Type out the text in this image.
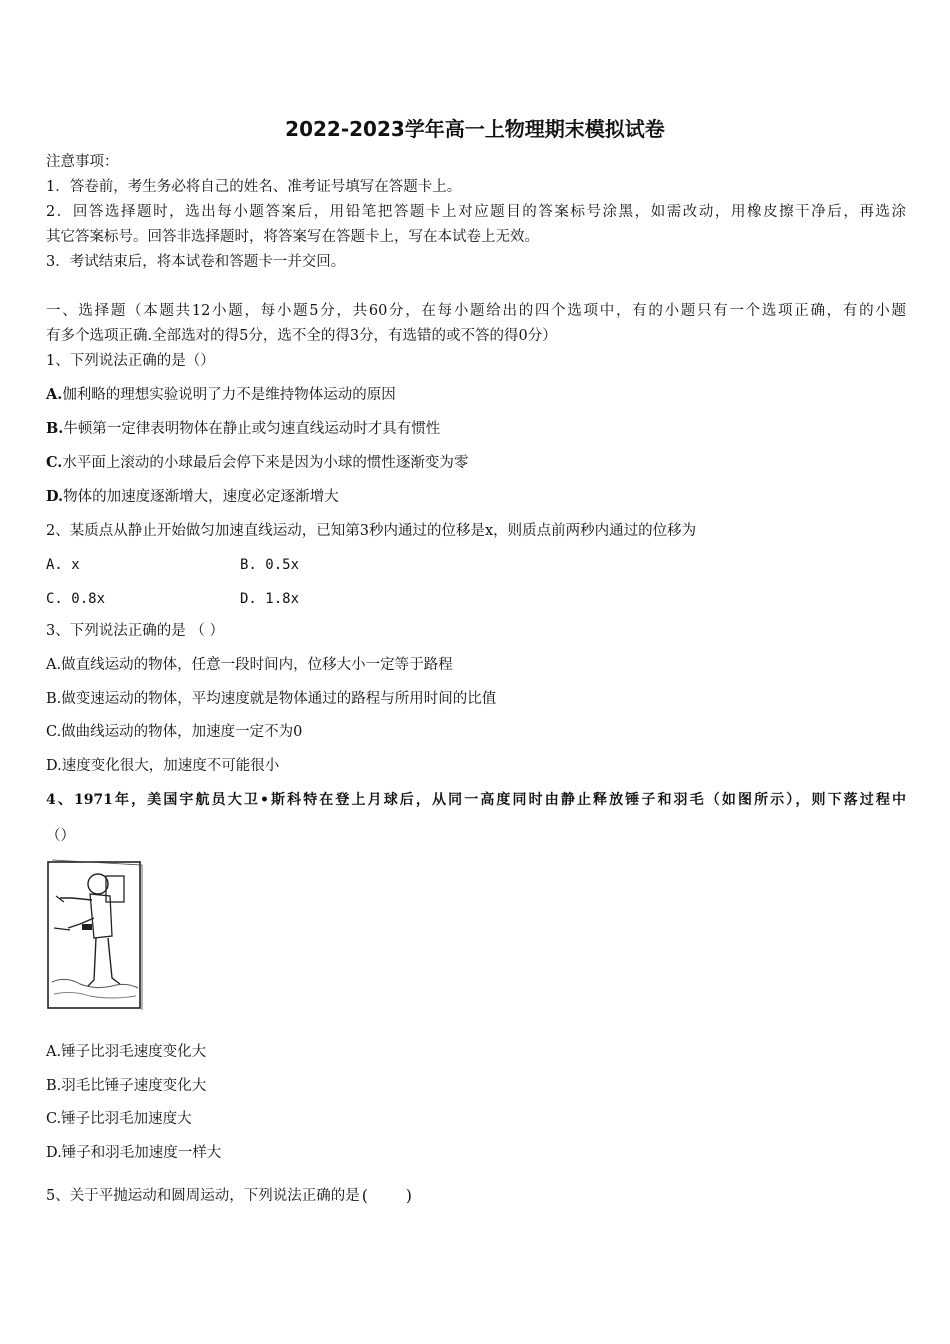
2022-2023学年高一上物理期末模拟试卷
注意事项：
1．答卷前，考生务必将自己的姓名、准考证号填写在答题卡上。
2．回答选择题时，选出每小题答案后，用铅笔把答题卡上对应题目的答案标号涂黑，如需改动，用橡皮擦干净后，再选涂
其它答案标号。回答非选择题时，将答案写在答题卡上，写在本试卷上无效。
3．考试结束后，将本试卷和答题卡一并交回。
一、选择题（本题共12小题，每小题5分，共60分，在每小题给出的四个选项中，有的小题只有一个选项正确，有的小题
有多个选项正确.全部选对的得5分，选不全的得3分，有选错的或不答的得0分）
1、下列说法正确的是（）
A.伽利略的理想实验说明了力不是维持物体运动的原因
B.牛顿第一定律表明物体在静止或匀速直线运动时才具有惯性
C.水平面上滚动的小球最后会停下来是因为小球的惯性逐渐变为零
D.物体的加速度逐渐增大，速度必定逐渐增大
2、某质点从静止开始做匀加速直线运动，已知第3秒内通过的位移是x，则质点前两秒内通过的位移为
A. x	B. 0.5x
C. 0.8x	D. 1.8x
3、下列说法正确的是 （ ）
A.做直线运动的物体，任意一段时间内，位移大小一定等于路程
B.做变速运动的物体，平均速度就是物体通过的路程与所用时间的比值
C.做曲线运动的物体，加速度一定不为0
D.速度变化很大，加速度不可能很小
4、1971年，美国宇航员大卫•斯科特在登上月球后，从同一高度同时由静止释放锤子和羽毛（如图所示），则下落过程中
（）
A.锤子比羽毛速度变化大
B.羽毛比锤子速度变化大
C.锤子比羽毛加速度大
D.锤子和羽毛加速度一样大
5、关于平抛运动和圆周运动，下列说法正确的是 ( )
